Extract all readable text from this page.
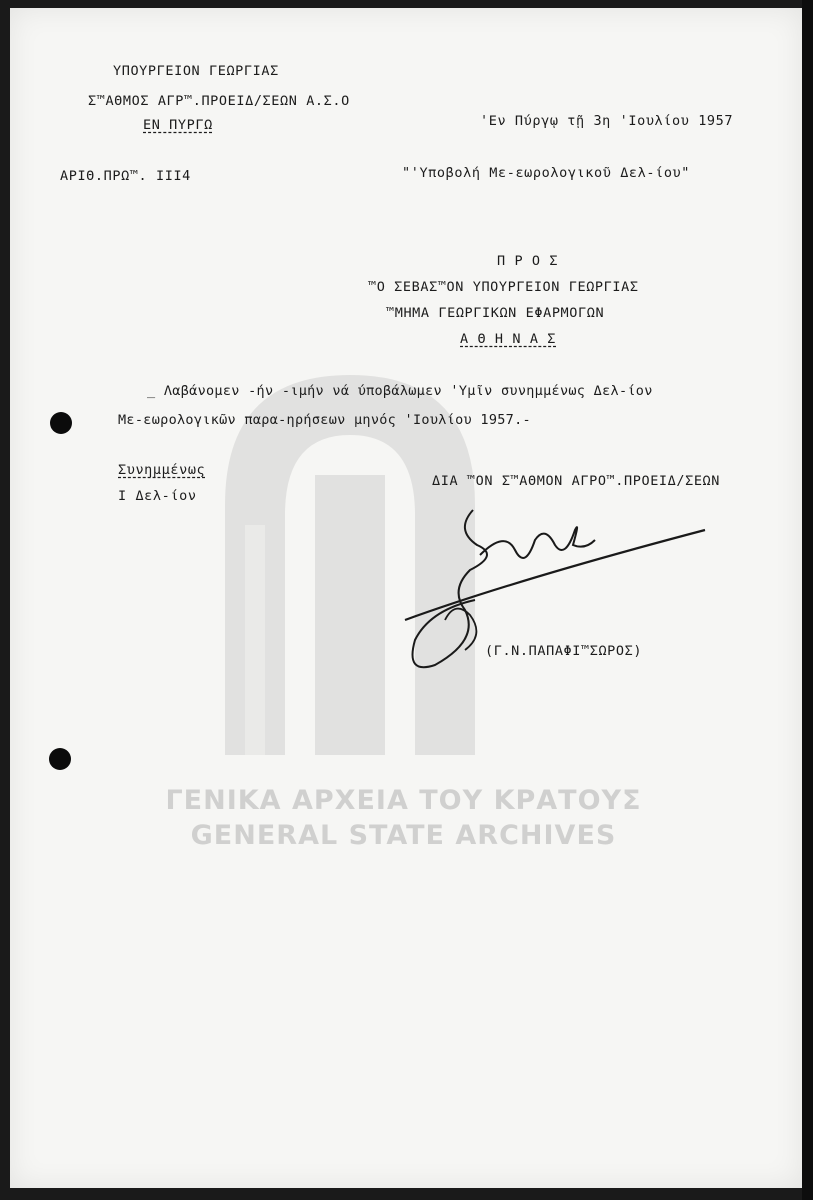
ΥΠΟΥΡΓΕΙΟΝ ΓΕΩΡΓΙΑΣ
Σ™ΑΘΜΟΣ ΑΓΡ™.ΠΡΟΕΙΔ/ΣΕΩΝ Α.Σ.Ο
ΕΝ ΠΥΡΓΩ
ΑΡΙΘ.ΠΡΩ™. ΙΙΙ4
'Εν Πύργῳ τῇ 3η 'Ιουλίου 1957
"'Υποβολή Με-εωρολογικοῦ Δελ-ίου"
Π Ρ Ο Σ
™Ο ΣΕΒΑΣ™ΟΝ ΥΠΟΥΡΓΕΙΟΝ ΓΕΩΡΓΙΑΣ
™ΜΗΜΑ ΓΕΩΡΓΙΚΩΝ ΕΦΑΡΜΟΓΩΝ
Α Θ Η Ν Α Σ
_ Λαβάνομεν -ήν -ιμήν νά ύποβάλωμεν 'Υμῖν συνημμένως Δελ-ίον
Με-εωρολογικῶν παρα-ηρήσεων μηνός 'Ιουλίου 1957.-
Συνημμένως
Ι Δελ-ίον
ΔΙΑ ™ΟΝ Σ™ΑΘΜΟΝ ΑΓΡΟ™.ΠΡΟΕΙΔ/ΣΕΩΝ
(Γ.Ν.ΠΑΠΑΦΙ™ΣΩΡΟΣ)
ΓΕΝΙΚΑ ΑΡΧΕΙΑ ΤΟΥ ΚΡΑΤΟΥΣ
GENERAL STATE ARCHIVES
